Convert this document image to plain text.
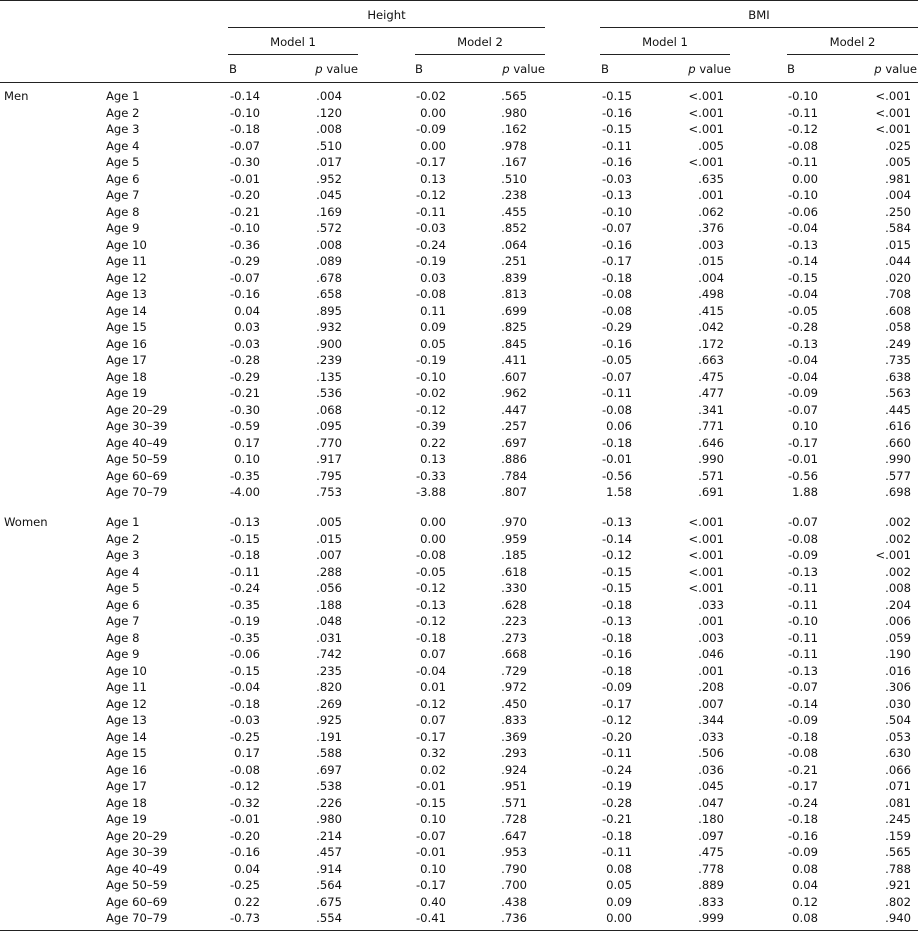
Height	BMI
Model 1	Model 2	Model 1	Model 2
B	p value	B	p value	B	p value	B	p value
Men	Age 1	-0.14	.004	-0.02	.565	-0.15	<.001	-0.10	<.001
Age 2	-0.10	.120	0.00	.980	-0.16	<.001	-0.11	<.001
Age 3	-0.18	.008	-0.09	.162	-0.15	<.001	-0.12	<.001
Age 4	-0.07	.510	0.00	.978	-0.11	.005	-0.08	.025
Age 5	-0.30	.017	-0.17	.167	-0.16	<.001	-0.11	.005
Age 6	-0.01	.952	0.13	.510	-0.03	.635	0.00	.981
Age 7	-0.20	.045	-0.12	.238	-0.13	.001	-0.10	.004
Age 8	-0.21	.169	-0.11	.455	-0.10	.062	-0.06	.250
Age 9	-0.10	.572	-0.03	.852	-0.07	.376	-0.04	.584
Age 10	-0.36	.008	-0.24	.064	-0.16	.003	-0.13	.015
Age 11	-0.29	.089	-0.19	.251	-0.17	.015	-0.14	.044
Age 12	-0.07	.678	0.03	.839	-0.18	.004	-0.15	.020
Age 13	-0.16	.658	-0.08	.813	-0.08	.498	-0.04	.708
Age 14	0.04	.895	0.11	.699	-0.08	.415	-0.05	.608
Age 15	0.03	.932	0.09	.825	-0.29	.042	-0.28	.058
Age 16	-0.03	.900	0.05	.845	-0.16	.172	-0.13	.249
Age 17	-0.28	.239	-0.19	.411	-0.05	.663	-0.04	.735
Age 18	-0.29	.135	-0.10	.607	-0.07	.475	-0.04	.638
Age 19	-0.21	.536	-0.02	.962	-0.11	.477	-0.09	.563
Age 20–29	-0.30	.068	-0.12	.447	-0.08	.341	-0.07	.445
Age 30–39	-0.59	.095	-0.39	.257	0.06	.771	0.10	.616
Age 40–49	0.17	.770	0.22	.697	-0.18	.646	-0.17	.660
Age 50–59	0.10	.917	0.13	.886	-0.01	.990	-0.01	.990
Age 60–69	-0.35	.795	-0.33	.784	-0.56	.571	-0.56	.577
Age 70–79	-4.00	.753	-3.88	.807	1.58	.691	1.88	.698
Women	Age 1	-0.13	.005	0.00	.970	-0.13	<.001	-0.07	.002
Age 2	-0.15	.015	0.00	.959	-0.14	<.001	-0.08	.002
Age 3	-0.18	.007	-0.08	.185	-0.12	<.001	-0.09	<.001
Age 4	-0.11	.288	-0.05	.618	-0.15	<.001	-0.13	.002
Age 5	-0.24	.056	-0.12	.330	-0.15	<.001	-0.11	.008
Age 6	-0.35	.188	-0.13	.628	-0.18	.033	-0.11	.204
Age 7	-0.19	.048	-0.12	.223	-0.13	.001	-0.10	.006
Age 8	-0.35	.031	-0.18	.273	-0.18	.003	-0.11	.059
Age 9	-0.06	.742	0.07	.668	-0.16	.046	-0.11	.190
Age 10	-0.15	.235	-0.04	.729	-0.18	.001	-0.13	.016
Age 11	-0.04	.820	0.01	.972	-0.09	.208	-0.07	.306
Age 12	-0.18	.269	-0.12	.450	-0.17	.007	-0.14	.030
Age 13	-0.03	.925	0.07	.833	-0.12	.344	-0.09	.504
Age 14	-0.25	.191	-0.17	.369	-0.20	.033	-0.18	.053
Age 15	0.17	.588	0.32	.293	-0.11	.506	-0.08	.630
Age 16	-0.08	.697	0.02	.924	-0.24	.036	-0.21	.066
Age 17	-0.12	.538	-0.01	.951	-0.19	.045	-0.17	.071
Age 18	-0.32	.226	-0.15	.571	-0.28	.047	-0.24	.081
Age 19	-0.01	.980	0.10	.728	-0.21	.180	-0.18	.245
Age 20–29	-0.20	.214	-0.07	.647	-0.18	.097	-0.16	.159
Age 30–39	-0.16	.457	-0.01	.953	-0.11	.475	-0.09	.565
Age 40–49	0.04	.914	0.10	.790	0.08	.778	0.08	.788
Age 50–59	-0.25	.564	-0.17	.700	0.05	.889	0.04	.921
Age 60–69	0.22	.675	0.40	.438	0.09	.833	0.12	.802
Age 70–79	-0.73	.554	-0.41	.736	0.00	.999	0.08	.940
